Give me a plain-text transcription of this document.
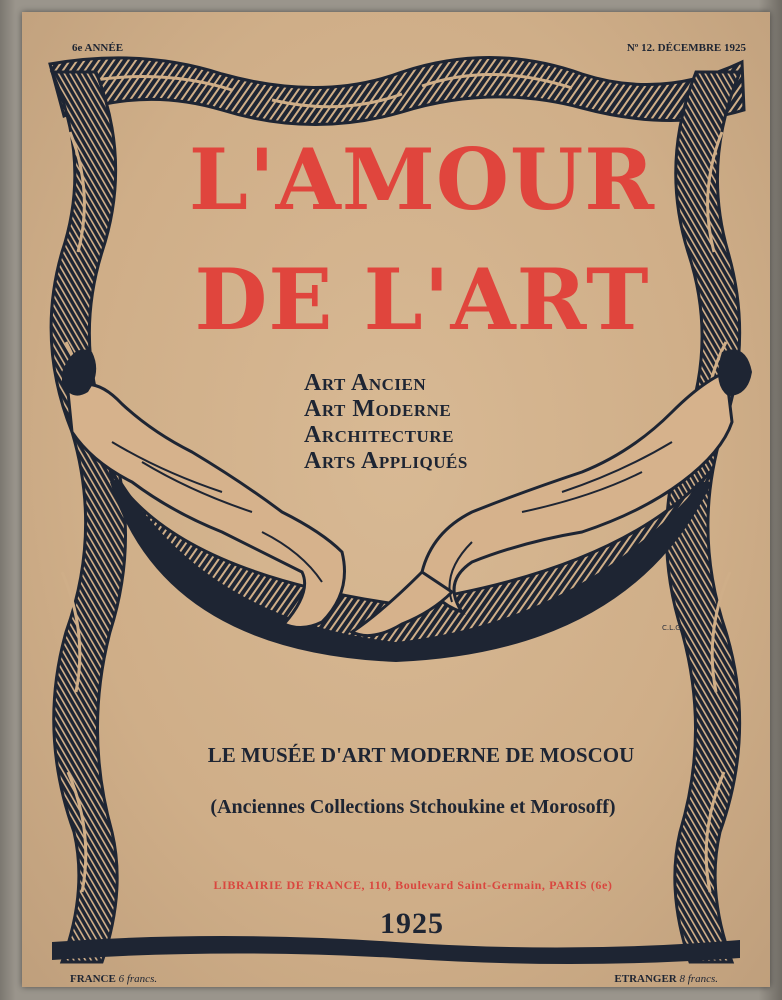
6e ANNÉE	Nº 12. DÉCEMBRE 1925
L'AMOUR
DE L'ART
Art Ancien
Art Moderne
Architecture
Arts Appliqués
C.L.G.
LE MUSÉE D'ART MODERNE DE MOSCOU
(Anciennes Collections Stchoukine et Morosoff)
LIBRAIRIE DE FRANCE, 110, Boulevard Saint-Germain, PARIS (6e)
1925
FRANCE 6 francs.	ETRANGER 8 francs.
